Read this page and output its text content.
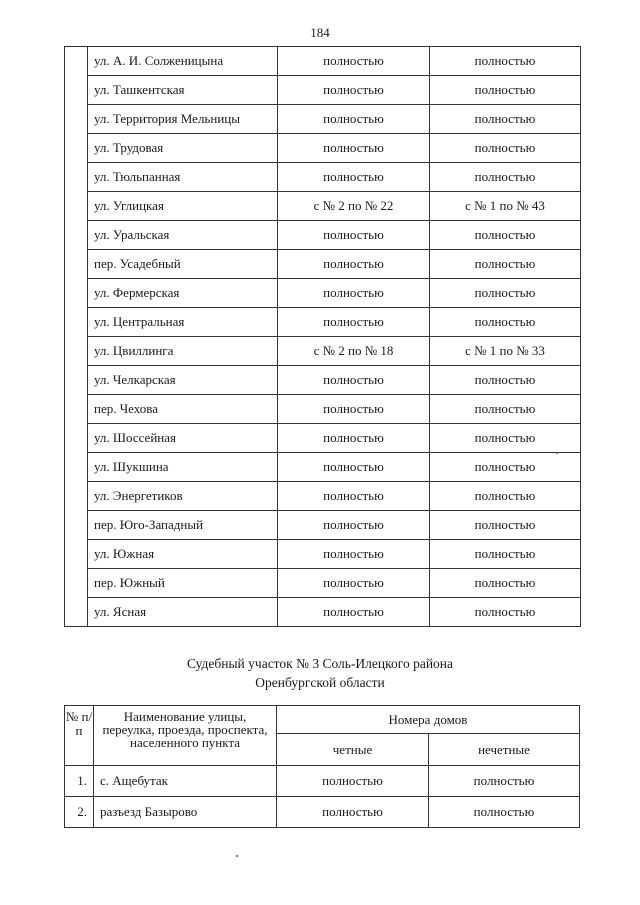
184
	ул. А. И. Солженицына	полностью	полностью
	ул. Ташкентская	полностью	полностью
	ул. Территория Мельницы	полностью	полностью
	ул. Трудовая	полностью	полностью
	ул. Тюльпанная	полностью	полностью
	ул. Углицкая	с № 2 по № 22	с № 1 по № 43
	ул. Уральская	полностью	полностью
	пер. Усадебный	полностью	полностью
	ул. Фермерская	полностью	полностью
	ул. Центральная	полностью	полностью
	ул. Цвиллинга	с № 2 по № 18	с № 1 по № 33
	ул. Челкарская	полностью	полностью
	пер. Чехова	полностью	полностью
	ул. Шоссейная	полностью	полностью
	ул. Шукшина	полностью	полностью
	ул. Энергетиков	полностью	полностью
	пер. Юго-Западный	полностью	полностью
	ул. Южная	полностью	полностью
	пер. Южный	полностью	полностью
	ул. Ясная	полностью	полностью
Судебный участок № 3 Соль-Илецкого района
Оренбургской области
№ п/п	Наименование улицы, переулка, проезда, проспекта, населенного пункта	Номера домов	
		четные	нечетные
1.	с. Ащебутак	полностью	полностью
2.	разъезд Базырово	полностью	полностью
